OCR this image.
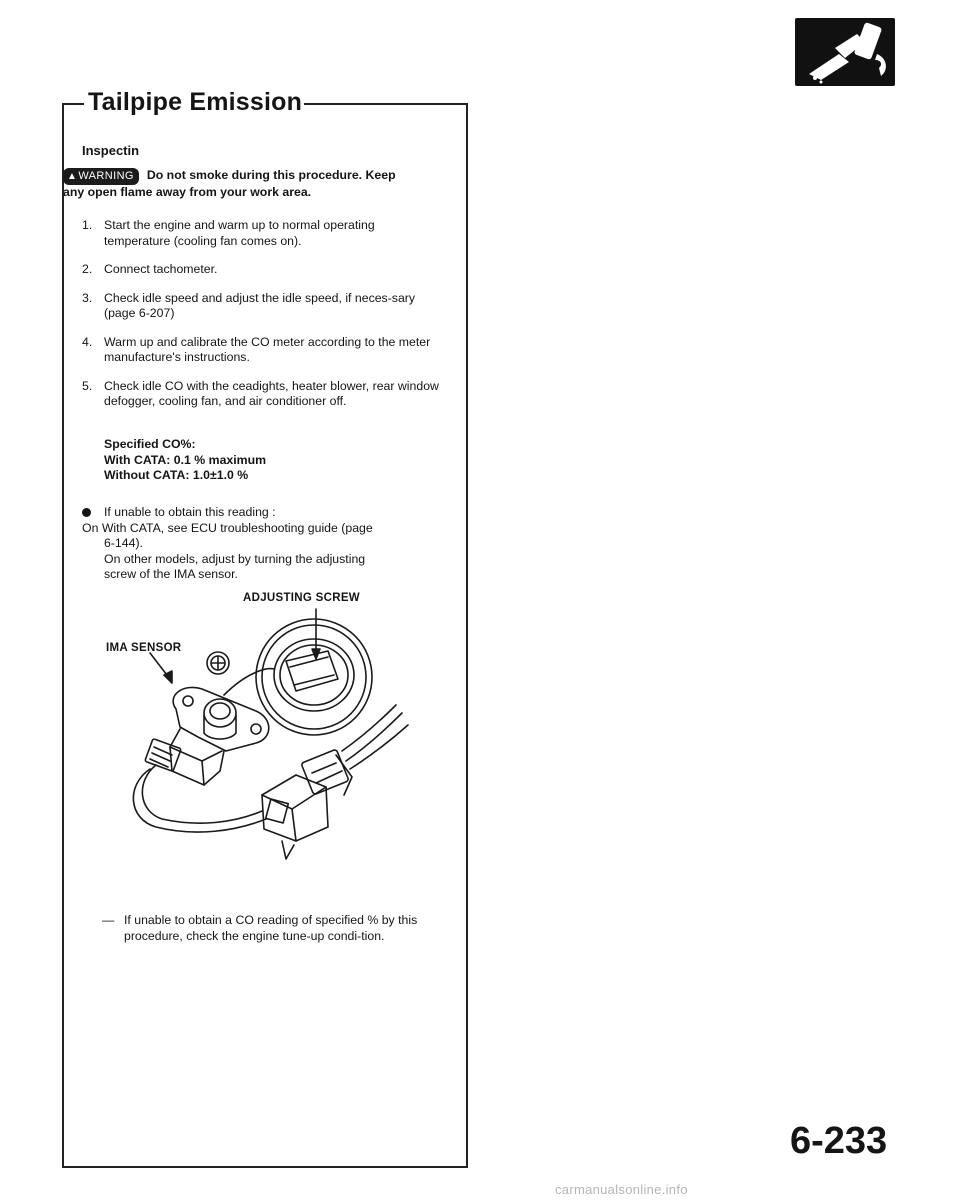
Tailpipe Emission
Inspectin
▲WARNING Do not smoke during this procedure. Keep
any open flame away from your work area.
1. Start the engine and warm up to normal operating temperature (cooling fan comes on).
2. Connect tachometer.
3. Check idle speed and adjust the idle speed, if neces-sary (page 6-207)
4. Warm up and calibrate the CO meter according to the meter manufacture's instructions.
5. Check idle CO with the ceadights, heater blower, rear window defogger, cooling fan, and air conditioner off.
Specified CO%:
With CATA: 0.1 % maximum
Without CATA: 1.0±1.0 %
If unable to obtain this reading :
On With CATA, see ECU troubleshooting guide (page
6-144).
On other models, adjust by turning the adjusting
screw of the IMA sensor.
ADJUSTING SCREW
IMA SENSOR
— If unable to obtain a CO reading of specified % by this procedure, check the engine tune-up condi-tion.
6-233
carmanualsonline.info
